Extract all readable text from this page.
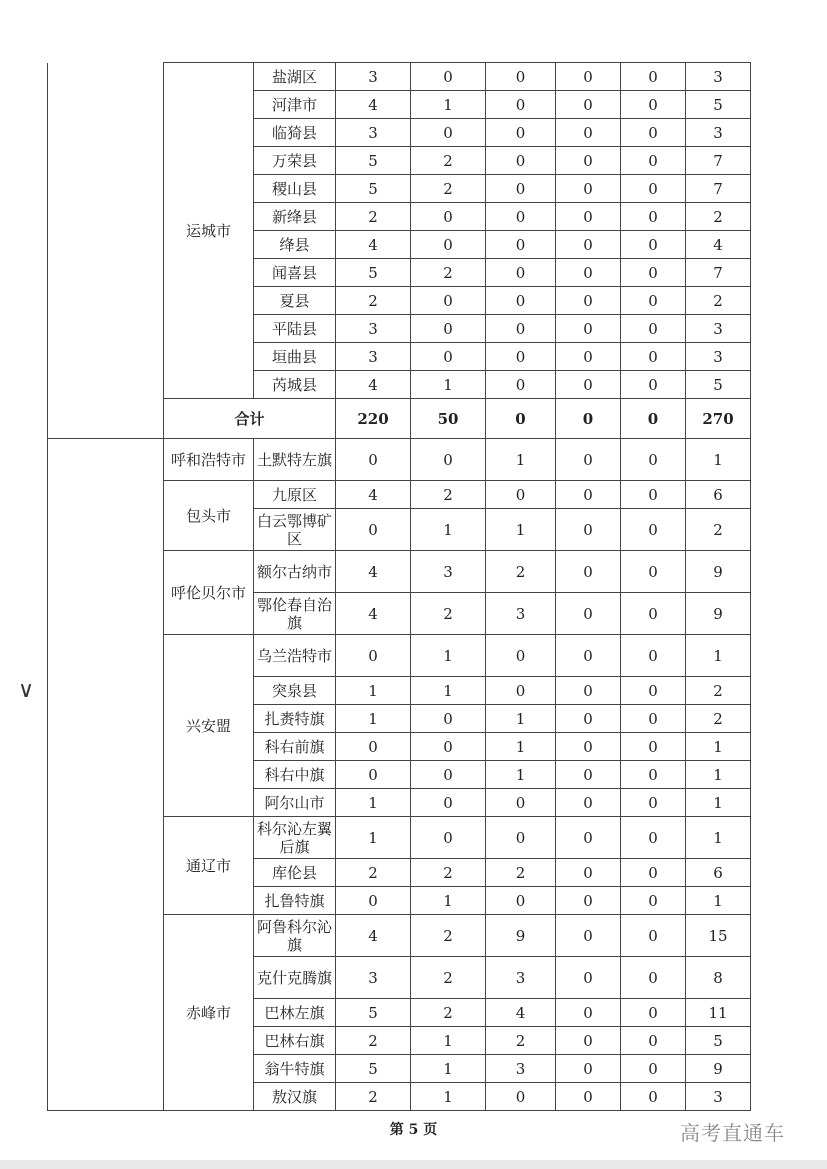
	运城市	盐湖区	3	0	0	0	0	3
		河津市	4	1	0	0	0	5
		临猗县	3	0	0	0	0	3
		万荣县	5	2	0	0	0	7
		稷山县	5	2	0	0	0	7
		新绛县	2	0	0	0	0	2
		绛县	4	0	0	0	0	4
		闻喜县	5	2	0	0	0	7
		夏县	2	0	0	0	0	2
		平陆县	3	0	0	0	0	3
		垣曲县	3	0	0	0	0	3
		芮城县	4	1	0	0	0	5
	合计		220	50	0	0	0	270
	呼和浩特市	土默特左旗	0	0	1	0	0	1
	包头市	九原区	4	2	0	0	0	6
		白云鄂博矿区	0	1	1	0	0	2
	呼伦贝尔市	额尔古纳市	4	3	2	0	0	9
		鄂伦春自治旗	4	2	3	0	0	9
	兴安盟	乌兰浩特市	0	1	0	0	0	1
		突泉县	1	1	0	0	0	2
		扎赉特旗	1	0	1	0	0	2
		科右前旗	0	0	1	0	0	1
		科右中旗	0	0	1	0	0	1
		阿尔山市	1	0	0	0	0	1
	通辽市	科尔沁左翼后旗	1	0	0	0	0	1
		库伦县	2	2	2	0	0	6
		扎鲁特旗	0	1	0	0	0	1
	赤峰市	阿鲁科尔沁旗	4	2	9	0	0	15
		克什克腾旗	3	2	3	0	0	8
		巴林左旗	5	2	4	0	0	11
		巴林右旗	2	1	2	0	0	5
		翁牛特旗	5	1	3	0	0	9
		敖汉旗	2	1	0	0	0	3
∨
第 5 页	高考直通车
